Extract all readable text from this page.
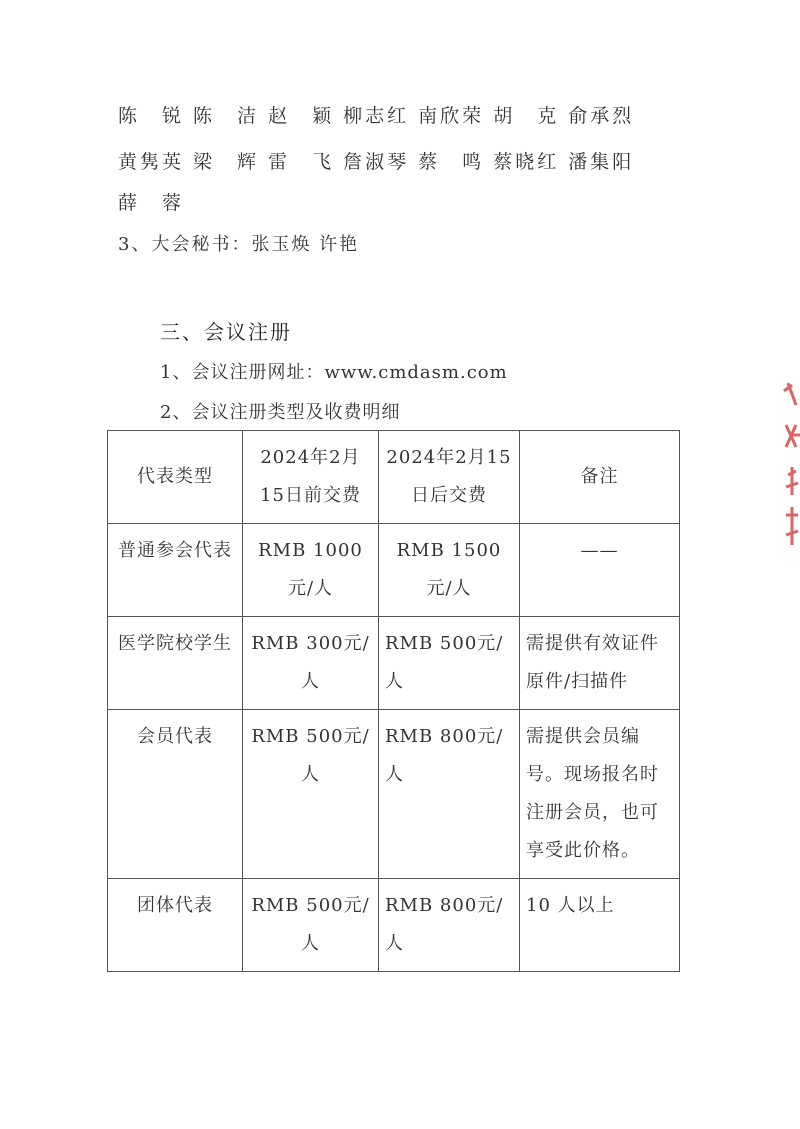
陈　锐 陈　洁 赵　颖 柳志红 南欣荣 胡　克 俞承烈
黄隽英 梁　辉 雷　飞 詹淑琴 蔡　鸣 蔡晓红 潘集阳
薛　蓉
3、大会秘书：张玉焕 许艳
三、会议注册
1、会议注册网址：www.cmdasm.com
2、会议注册类型及收费明细
代表类型	2024年2月15日前交费	2024年2月15日后交费	备注
普通参会代表	RMB 1000元/人	RMB 1500元/人	——
医学院校学生	RMB 300元/人	RMB 500元/人	需提供有效证件原件/扫描件
会员代表	RMB 500元/人	RMB 800元/人	需提供会员编号。现场报名时注册会员，也可享受此价格。
团体代表	RMB 500元/人	RMB 800元/人	10 人以上
